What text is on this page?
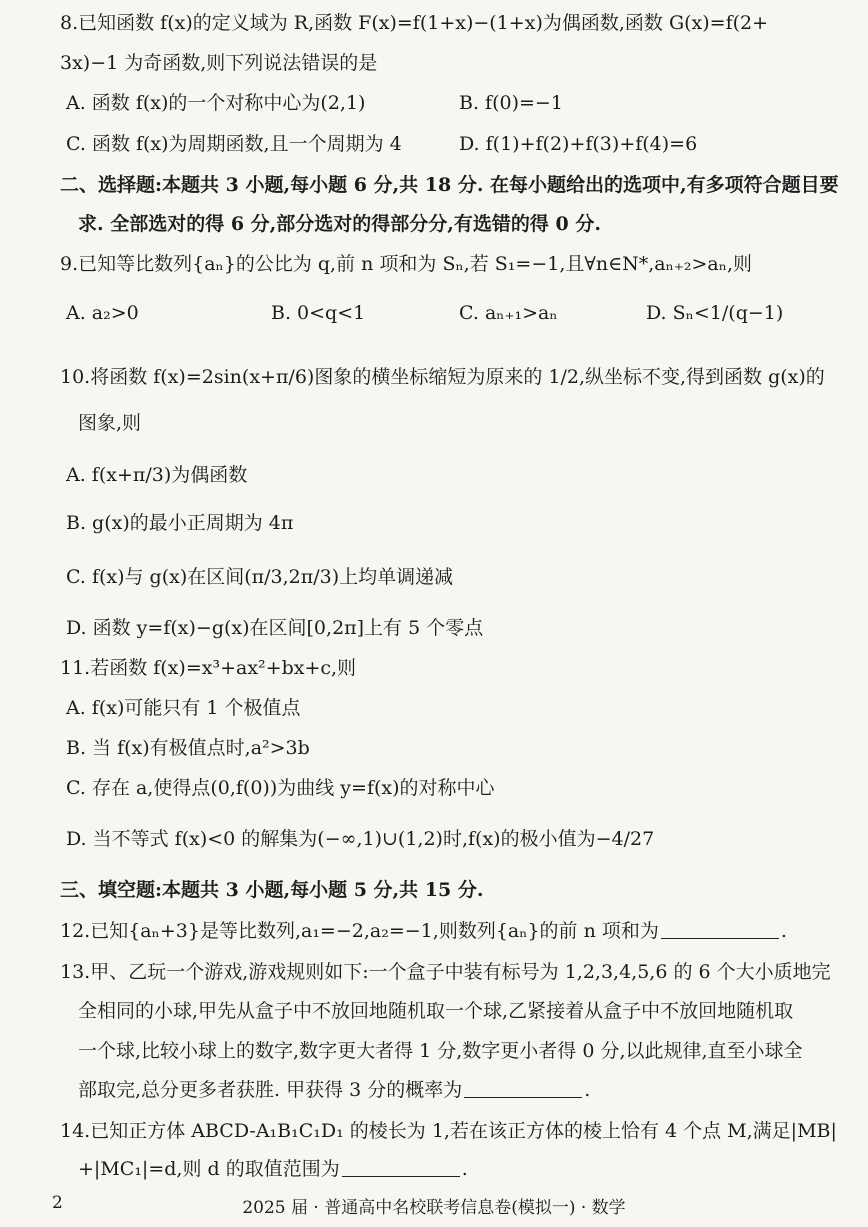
8.已知函数 f(x)的定义域为 R,函数 F(x)=f(1+x)−(1+x)为偶函数,函数 G(x)=f(2+
3x)−1 为奇函数,则下列说法错误的是
A. 函数 f(x)的一个对称中心为(2,1)	B. f(0)=−1
C. 函数 f(x)为周期函数,且一个周期为 4	D. f(1)+f(2)+f(3)+f(4)=6
二、选择题:本题共 3 小题,每小题 6 分,共 18 分. 在每小题给出的选项中,有多项符合题目要
求. 全部选对的得 6 分,部分选对的得部分分,有选错的得 0 分.
9.已知等比数列{aₙ}的公比为 q,前 n 项和为 Sₙ,若 S₁=−1,且∀n∈N*,aₙ₊₂>aₙ,则
A. a₂>0	B. 0<q<1	C. aₙ₊₁>aₙ	D. Sₙ<1/(q−1)
10.将函数 f(x)=2sin(x+π/6)图象的横坐标缩短为原来的 1/2,纵坐标不变,得到函数 g(x)的
图象,则
A. f(x+π/3)为偶函数
B. g(x)的最小正周期为 4π
C. f(x)与 g(x)在区间(π/3,2π/3)上均单调递减
D. 函数 y=f(x)−g(x)在区间[0,2π]上有 5 个零点
11.若函数 f(x)=x³+ax²+bx+c,则
A. f(x)可能只有 1 个极值点
B. 当 f(x)有极值点时,a²>3b
C. 存在 a,使得点(0,f(0))为曲线 y=f(x)的对称中心
D. 当不等式 f(x)<0 的解集为(−∞,1)∪(1,2)时,f(x)的极小值为−4/27
三、填空题:本题共 3 小题,每小题 5 分,共 15 分.
12.已知{aₙ+3}是等比数列,a₁=−2,a₂=−1,则数列{aₙ}的前 n 项和为	.
13.甲、乙玩一个游戏,游戏规则如下:一个盒子中装有标号为 1,2,3,4,5,6 的 6 个大小质地完
全相同的小球,甲先从盒子中不放回地随机取一个球,乙紧接着从盒子中不放回地随机取
一个球,比较小球上的数字,数字更大者得 1 分,数字更小者得 0 分,以此规律,直至小球全
部取完,总分更多者获胜. 甲获得 3 分的概率为	.
14.已知正方体 ABCD-A₁B₁C₁D₁ 的棱长为 1,若在该正方体的棱上恰有 4 个点 M,满足|MB|
+|MC₁|=d,则 d 的取值范围为	.
2	2025 届 · 普通高中名校联考信息卷(模拟一) · 数学
